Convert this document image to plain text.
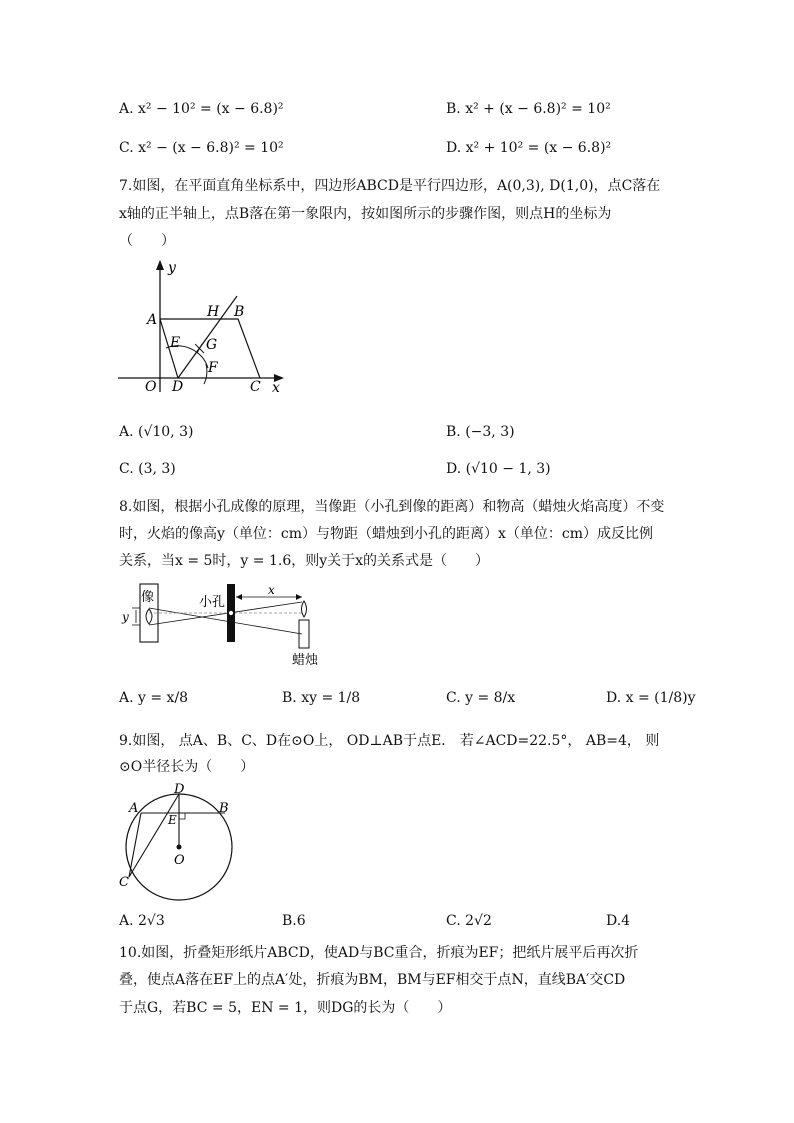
A. x² − 10² = (x − 6.8)²	B. x² + (x − 6.8)² = 10²
C. x² − (x − 6.8)² = 10²	D. x² + 10² = (x − 6.8)²
7.如图，在平面直角坐标系中，四边形ABCD是平行四边形，A(0,3), D(1,0)，点C落在
x轴的正半轴上，点B落在第一象限内，按如图所示的步骤作图，则点H的坐标为
（　　）
y
A	H B
E G
F
O D	C x
A. (√10, 3)	B. (−3, 3)
C. (3, 3)	D. (√10 − 1, 3)
8.如图，根据小孔成像的原理，当像距（小孔到像的距离）和物高（蜡烛火焰高度）不变
时，火焰的像高y（单位：cm）与物距（蜡烛到小孔的距离）x（单位：cm）成反比例
关系，当x = 5时，y = 1.6，则y关于x的关系式是（　　）
像
y
小孔
x
蜡烛
A. y = x/8	B. xy = 1/8	C. y = 8/x	D. x = (1/8)y
9.如图， 点A、B、C、D在⊙O上， OD⊥AB于点E． 若∠ACD=22.5°， AB=4， 则
⊙O半径长为（　　）
D
A	B
E
O
C
A. 2√3	B.6	C. 2√2	D.4
10.如图，折叠矩形纸片ABCD，使AD与BC重合，折痕为EF；把纸片展平后再次折
叠，使点A落在EF上的点A′处，折痕为BM，BM与EF相交于点N，直线BA′交CD
于点G，若BC = 5，EN = 1，则DG的长为（　　）
